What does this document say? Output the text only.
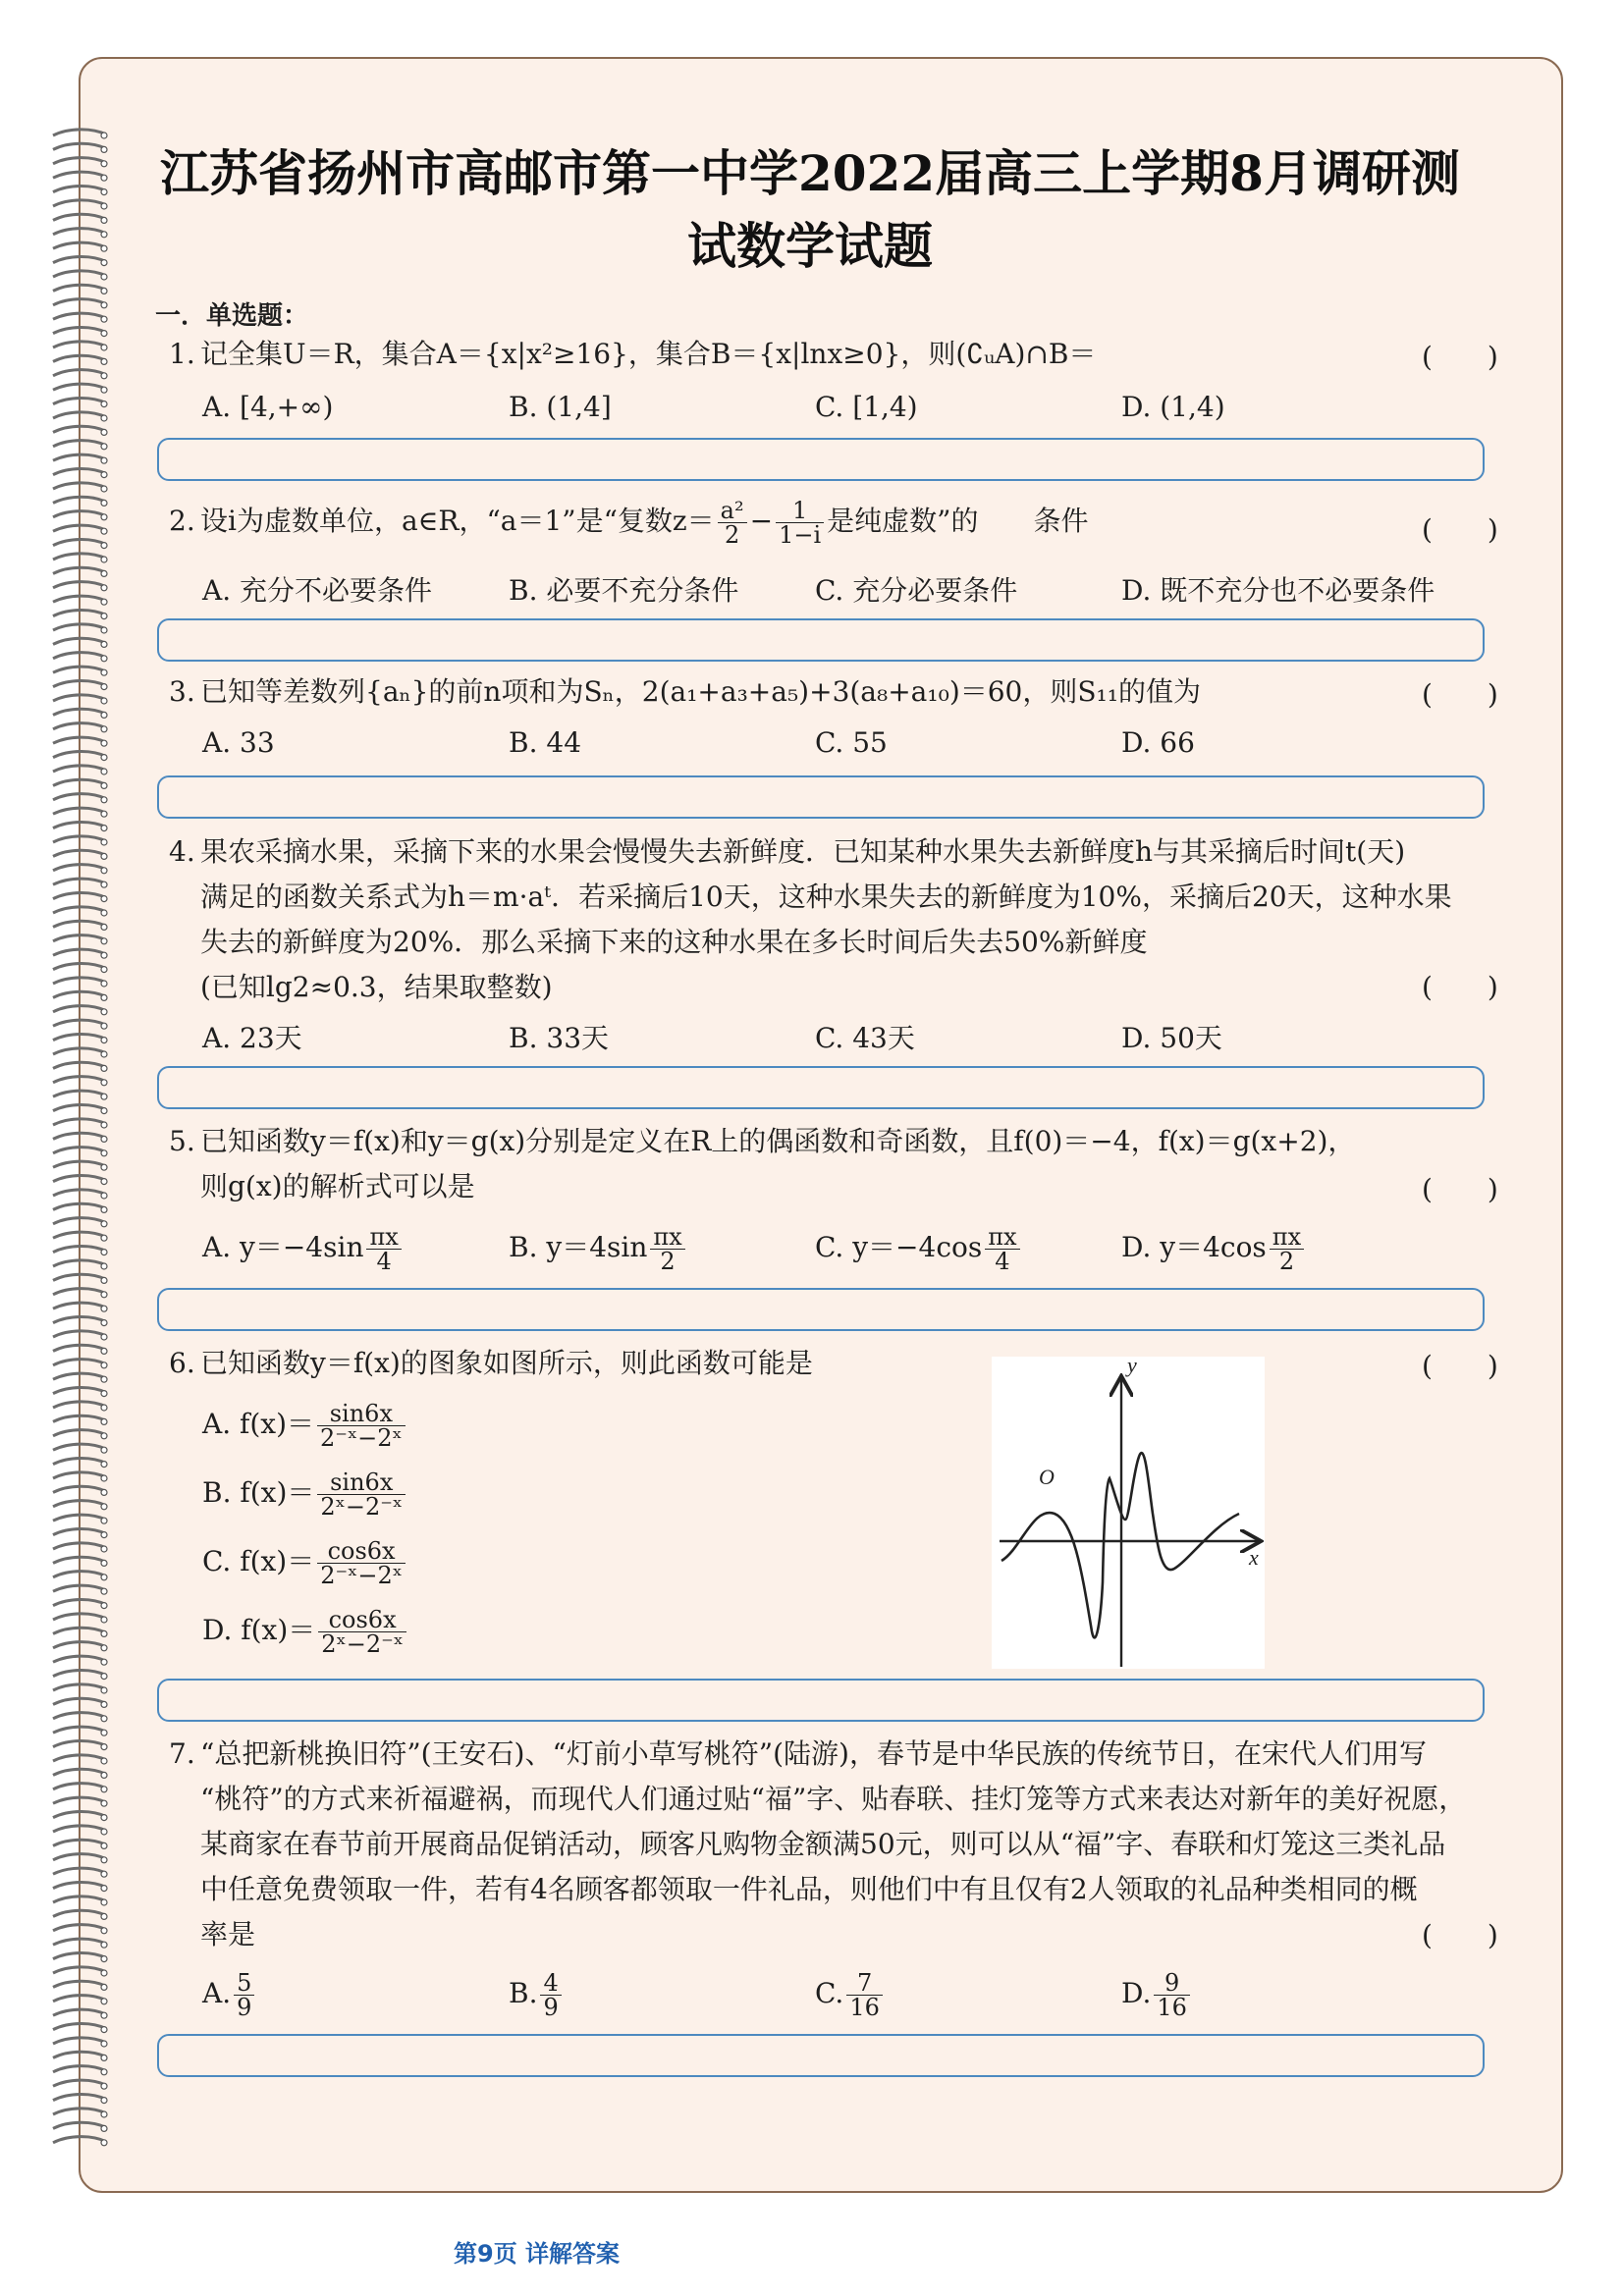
江苏省扬州市高邮市第一中学2022届高三上学期8月调研测
试数学试题
一．单选题：
1. 记全集U＝R，集合A＝{x|x²≥16}，集合B＝{x|lnx≥0}，则(∁ᵤA)∩B＝	(　　)
A. [4,+∞)	B. (1,4]	C. [1,4)	D. (1,4)
2. 设i为虚数单位，a∈R，“a＝1”是“复数$z= \frac{\text{a²}}{2} - \frac{1}{1-i}$ 是纯虚数”的　　条件	(　　)
A. 充分不必要条件	B. 必要不充分条件	C. 充分必要条件	D. 既不充分也不必要条件
3. 已知等差数列{aₙ}的前n项和为Sₙ，2(a₁+a₃+a₅)+3(a₈+a₁₀)＝60，则S₁₁的值为	(　　)
A. 33	B. 44	C. 55	D. 66
4. 果农采摘水果，采摘下来的水果会慢慢失去新鲜度．已知某种水果失去新鲜度h与其采摘后时间t(天)
满足的函数关系式为h＝m·aᵗ．若采摘后10天，这种水果失去的新鲜度为10%，采摘后20天，这种水果
失去的新鲜度为20%．那么采摘下来的这种水果在多长时间后失去50%新鲜度
(已知lg2≈0.3，结果取整数)	(　　)
A. 23天	B. 33天	C. 43天	D. 50天
5. 已知函数y＝f(x)和y＝g(x)分别是定义在R上的偶函数和奇函数，且f(0)＝−4，f(x)＝g(x+2)，
则g(x)的解析式可以是	(　　)
A. $y=-4\sin \frac{\pi x}{4}$	B. $y=4\sin \frac{\pi x}{2}$	C. $y=-4\cos \frac{\pi x}{4}$	D. $y=4\cos \frac{\pi x}{2}$
6. 已知函数y＝f(x)的图象如图所示，则此函数可能是	(　　)
A. $f(x)= \frac{\sin 6x}{\text{2⁻ˣ−2ˣ}}$
B. $f(x)= \frac{\sin 6x}{\text{2ˣ−2⁻ˣ}}$
C. $f(x)= \frac{\cos 6x}{\text{2⁻ˣ−2ˣ}}$
D. $f(x)= \frac{\cos 6x}{\text{2ˣ−2⁻ˣ}}$
y
x
O
7. “总把新桃换旧符”(王安石)、“灯前小草写桃符”(陆游)，春节是中华民族的传统节日，在宋代人们用写
“桃符”的方式来祈福避祸，而现代人们通过贴“福”字、贴春联、挂灯笼等方式来表达对新年的美好祝愿，
某商家在春节前开展商品促销活动，顾客凡购物金额满50元，则可以从“福”字、春联和灯笼这三类礼品
中任意免费领取一件，若有4名顾客都领取一件礼品，则他们中有且仅有2人领取的礼品种类相同的概
率是	(　　)
A. $\frac{5}{9}$	B. $\frac{4}{9}$	C. $\frac{7}{16}$	D. $\frac{9}{16}$
第9页 详解答案
